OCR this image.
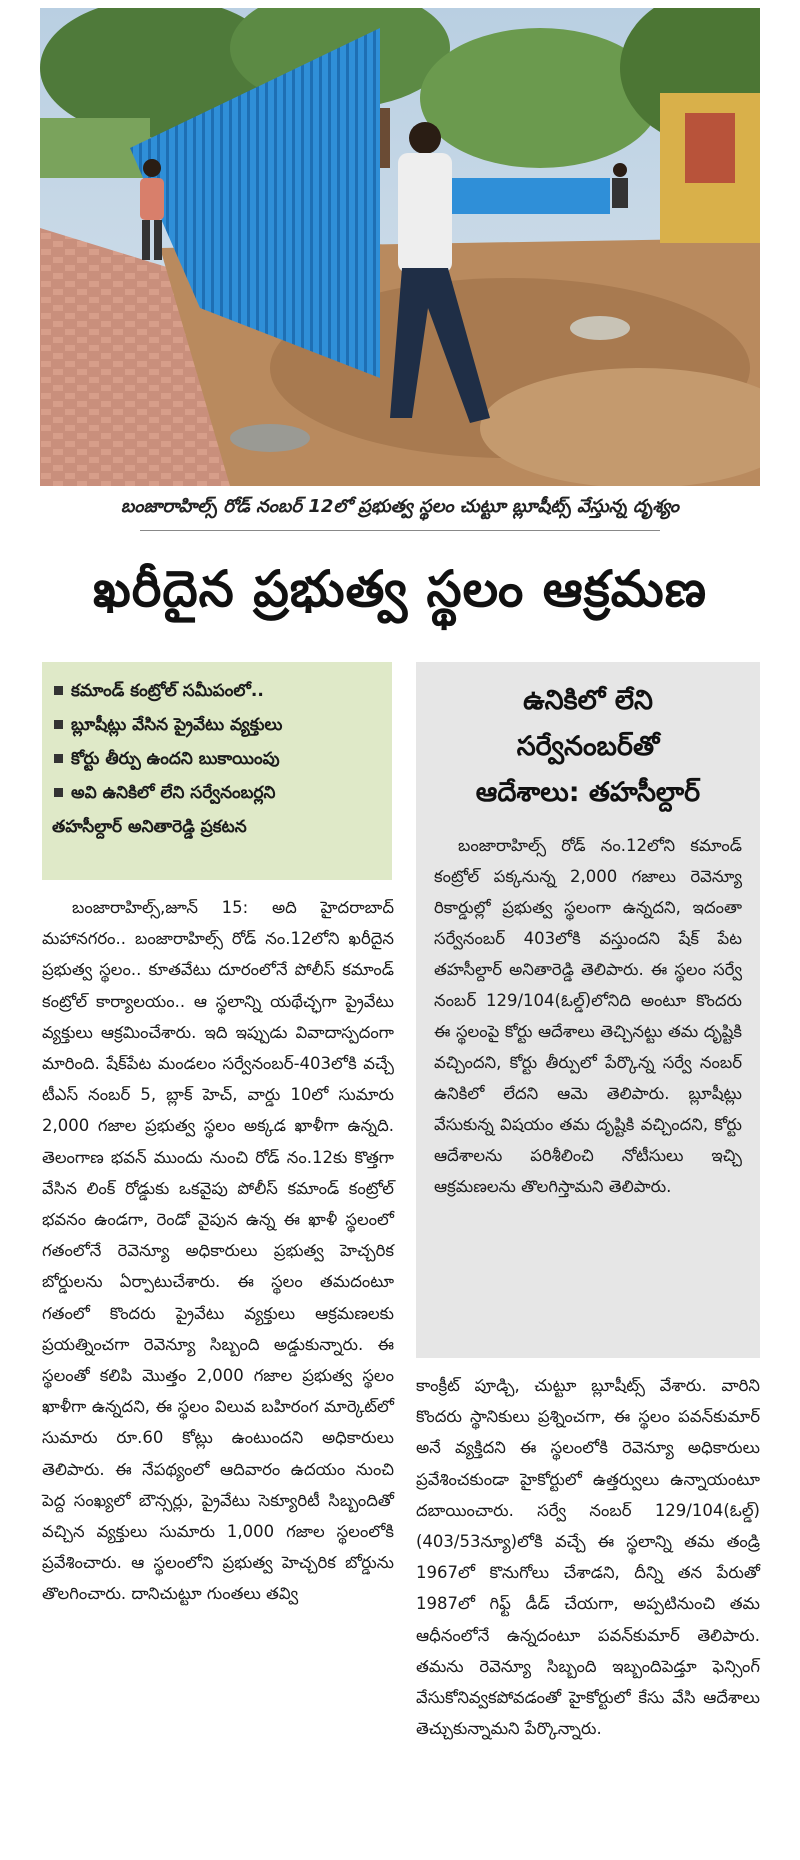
బంజారాహిల్స్ రోడ్ నంబర్ 12లో ప్రభుత్వ స్థలం చుట్టూ బ్లూషీట్స్ వేస్తున్న దృశ్యం
ఖరీదైన ప్రభుత్వ స్థలం ఆక్రమణ
కమాండ్ కంట్రోల్ సమీపంలో..
బ్లూషీట్లు వేసిన ప్రైవేటు వ్యక్తులు
కోర్టు తీర్పు ఉందని బుకాయింపు
అవి ఉనికిలో లేని సర్వేనంబర్లని
తహసీల్దార్ అనితారెడ్డి ప్రకటన
ఉనికిలో లేని
సర్వేనంబర్‌తో
ఆదేశాలు: తహసీల్దార్
బంజారాహిల్స్ రోడ్ నం.12లోని కమాండ్ కంట్రోల్ పక్కనున్న 2,000 గజాలు రెవెన్యూ రికార్డుల్లో ప్రభుత్వ స్థలంగా ఉన్నదని, ఇదంతా సర్వేనంబర్ 403లోకి వస్తుందని షేక్ పేట తహసీల్దార్ అనితారెడ్డి తెలిపారు. ఈ స్థలం సర్వే నంబర్ 129/104(ఓల్డ్)లోనిది అంటూ కొందరు ఈ స్థలంపై కోర్టు ఆదేశాలు తెచ్చినట్టు తమ దృష్టికి వచ్చిందని, కోర్టు తీర్పులో పేర్కొన్న సర్వే నంబర్ ఉనికిలో లేదని ఆమె తెలిపారు. బ్లూషీట్లు వేసుకున్న విషయం తమ దృష్టికి వచ్చిందని, కోర్టు ఆదేశాలను పరిశీలించి నోటీసులు ఇచ్చి ఆక్రమణలను తొలగిస్తామని తెలిపారు.
బంజారాహిల్స్,జూన్ 15: అది హైదరాబాద్ మహానగరం.. బంజారాహిల్స్ రోడ్ నం.12లోని ఖరీదైన ప్రభుత్వ స్థలం.. కూతవేటు దూరంలోనే పోలీస్ కమాండ్ కంట్రోల్ కార్యాలయం.. ఆ స్థలాన్ని యథేచ్ఛగా ప్రైవేటు వ్యక్తులు ఆక్రమించేశారు. ఇది ఇప్పుడు వివాదాస్పదంగా మారింది. షేక్‌పేట మండలం సర్వేనంబర్-403లోకి వచ్చే టీఎస్ నంబర్ 5, బ్లాక్ హెచ్, వార్డు 10లో సుమారు 2,000 గజాల ప్రభుత్వ స్థలం అక్కడ ఖాళీగా ఉన్నది. తెలంగాణ భవన్ ముందు నుంచి రోడ్ నం.12కు కొత్తగా వేసిన లింక్ రోడ్డుకు ఒకవైపు పోలీస్ కమాండ్ కంట్రోల్ భవనం ఉండగా, రెండో వైపున ఉన్న ఈ ఖాళీ స్థలంలో గతంలోనే రెవెన్యూ అధికారులు ప్రభుత్వ హెచ్చరిక బోర్డులను ఏర్పాటుచేశారు. ఈ స్థలం తమదంటూ గతంలో కొందరు ప్రైవేటు వ్యక్తులు ఆక్రమణలకు ప్రయత్నించగా రెవెన్యూ సిబ్బంది అడ్డుకున్నారు. ఈ స్థలంతో కలిపి మొత్తం 2,000 గజాల ప్రభుత్వ స్థలం ఖాళీగా ఉన్నదని, ఈ స్థలం విలువ బహిరంగ మార్కెట్‌లో సుమారు రూ.60 కోట్లు ఉంటుందని అధికారులు తెలిపారు. ఈ నేపథ్యంలో ఆదివారం ఉదయం నుంచి పెద్ద సంఖ్యలో బౌన్సర్లు, ప్రైవేటు సెక్యూరిటీ సిబ్బందితో వచ్చిన వ్యక్తులు సుమారు 1,000 గజాల స్థలంలోకి ప్రవేశించారు. ఆ స్థలంలోని ప్రభుత్వ హెచ్చరిక బోర్డును తొలగించారు. దానిచుట్టూ గుంతలు తవ్వి
కాంక్రీట్ పూడ్చి, చుట్టూ బ్లూషీట్స్ వేశారు. వారిని కొందరు స్థానికులు ప్రశ్నించగా, ఈ స్థలం పవన్‌కుమార్ అనే వ్యక్తిదని ఈ స్థలంలోకి రెవెన్యూ అధికారులు ప్రవేశించకుండా హైకోర్టులో ఉత్తర్వులు ఉన్నాయంటూ దబాయించారు. సర్వే నంబర్ 129/104(ఓల్డ్)(403/53న్యూ)లోకి వచ్చే ఈ స్థలాన్ని తమ తండ్రి 1967లో కొనుగోలు చేశాడని, దీన్ని తన పేరుతో 1987లో గిఫ్ట్ డీడ్ చేయగా, అప్పటినుంచి తమ ఆధీనంలోనే ఉన్నదంటూ పవన్‌కుమార్ తెలిపారు. తమను రెవెన్యూ సిబ్బంది ఇబ్బందిపెడ్తూ ఫెన్సింగ్ వేసుకోనివ్వకపోవడంతో హైకోర్టులో కేసు వేసి ఆదేశాలు తెచ్చుకున్నామని పేర్కొన్నారు.
